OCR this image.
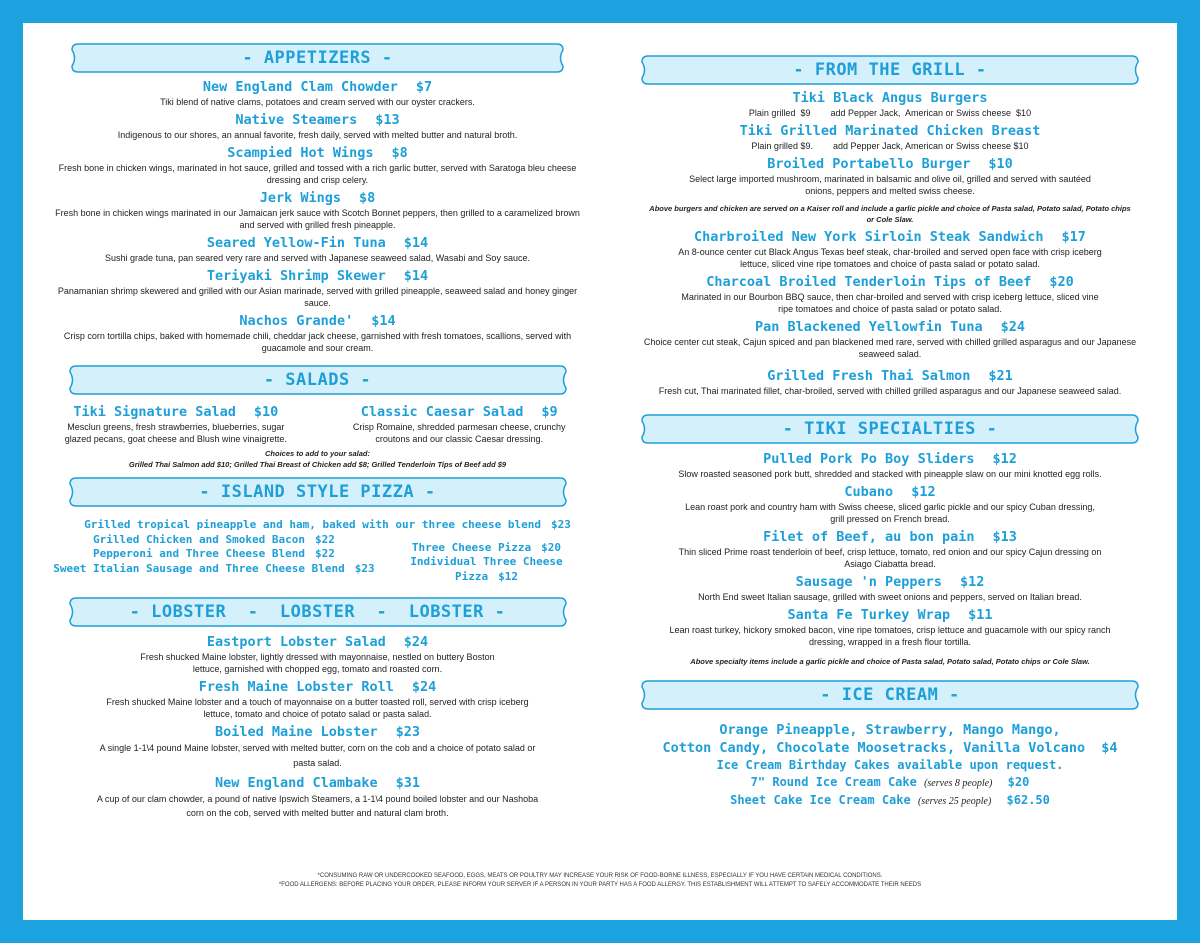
- APPETIZERS -
New England Clam Chowder $7
Tiki blend of native clams, potatoes and cream served with our oyster crackers.
Native Steamers $13
Indigenous to our shores, an annual favorite, fresh daily, served with melted butter and natural broth.
Scampied Hot Wings $8
Fresh bone in chicken wings, marinated in hot sauce, grilled and tossed with a rich garlic butter, served with Saratoga bleu cheese dressing and crisp celery.
Jerk Wings $8
Fresh bone in chicken wings marinated in our Jamaican jerk sauce with Scotch Bonnet peppers, then grilled to a caramelized brown and served with grilled fresh pineapple.
Seared Yellow-Fin Tuna $14
Sushi grade tuna, pan seared very rare and served with Japanese seaweed salad, Wasabi and Soy sauce.
Teriyaki Shrimp Skewer $14
Panamanian shrimp skewered and grilled with our Asian marinade, served with grilled pineapple, seaweed salad and honey ginger sauce.
Nachos Grande' $14
Crisp corn tortilla chips, baked with homemade chili, cheddar jack cheese, garnished with fresh tomatoes, scallions, served with guacamole and sour cream.
- SALADS -
Tiki Signature Salad $10
Mesclun greens, fresh strawberries, blueberries, sugar glazed pecans, goat cheese and Blush wine vinaigrette.
Classic Caesar Salad $9
Crisp Romaine, shredded parmesan cheese, crunchy croutons and our classic Caesar dressing.
Choices to add to your salad:
Grilled Thai Salmon add $10; Grilled Thai Breast of Chicken add $8; Grilled Tenderloin Tips of Beef add $9
- ISLAND STYLE PIZZA -
Grilled tropical pineapple and ham, baked with our three cheese blend $23
Grilled Chicken and Smoked Bacon $22
Pepperoni and Three Cheese Blend $22
Sweet Italian Sausage and Three Cheese Blend $23
Three Cheese Pizza $20
Individual Three Cheese Pizza $12
- LOBSTER  -  LOBSTER  -  LOBSTER -
Eastport Lobster Salad $24
Fresh shucked Maine lobster, lightly dressed with mayonnaise, nestled on buttery Boston lettuce, garnished with chopped egg, tomato and roasted corn.
Fresh Maine Lobster Roll $24
Fresh shucked Maine lobster and a touch of mayonnaise on a butter toasted roll, served with crisp iceberg lettuce, tomato and choice of potato salad or pasta salad.
Boiled Maine Lobster $23
A single 1-1\4 pound Maine lobster, served with melted butter, corn on the cob and a choice of potato salad or pasta salad.
New England Clambake $31
A cup of our clam chowder, a pound of native Ipswich Steamers, a 1-1\4 pound boiled lobster and our Nashoba corn on the cob, served with melted butter and natural clam broth.
- FROM THE GRILL -
Tiki Black Angus Burgers
Plain grilled  $9        add Pepper Jack,  American or Swiss cheese  $10
Tiki Grilled Marinated Chicken Breast
Plain grilled $9.        add Pepper Jack, American or Swiss cheese $10
Broiled Portabello Burger $10
Select large imported mushroom, marinated in balsamic and olive oil, grilled and served with sautéed onions, peppers and melted swiss cheese.
Above burgers and chicken are served on a Kaiser roll and include a garlic pickle and choice of Pasta salad, Potato salad, Potato chips or Cole Slaw.
Charbroiled New York Sirloin Steak Sandwich $17
An 8-ounce center cut Black Angus Texas beef steak, char-broiled and served open face with crisp iceberg lettuce, sliced vine ripe tomatoes and choice of pasta salad or potato salad.
Charcoal Broiled Tenderloin Tips of Beef $20
Marinated in our Bourbon BBQ sauce, then char-broiled and served with crisp iceberg lettuce, sliced vine ripe tomatoes and choice of pasta salad or potato salad.
Pan Blackened Yellowfin Tuna $24
Choice center cut steak, Cajun spiced and pan blackened med rare, served with chilled grilled asparagus and our Japanese seaweed salad.
Grilled Fresh Thai Salmon $21
Fresh cut, Thai marinated fillet, char-broiled, served with chilled grilled asparagus and our Japanese seaweed salad.
- TIKI SPECIALTIES -
Pulled Pork Po Boy Sliders $12
Slow roasted seasoned pork butt, shredded and stacked with pineapple slaw on our mini knotted egg rolls.
Cubano $12
Lean roast pork and country ham with Swiss cheese, sliced garlic pickle and our spicy Cuban dressing, grill pressed on French bread.
Filet of Beef, au bon pain $13
Thin sliced Prime roast tenderloin of beef, crisp lettuce, tomato, red onion and our spicy Cajun dressing on Asiago Ciabatta bread.
Sausage 'n Peppers $12
North End sweet Italian sausage, grilled with sweet onions and peppers, served on Italian bread.
Santa Fe Turkey Wrap $11
Lean roast turkey, hickory smoked bacon, vine ripe tomatoes, crisp lettuce and guacamole with our spicy ranch dressing, wrapped in a fresh flour tortilla.
Above specialty items include a garlic pickle and choice of Pasta salad, Potato salad, Potato chips or Cole Slaw.
- ICE CREAM -
Orange Pineapple, Strawberry, Mango Mango,
Cotton Candy, Chocolate Moosetracks, Vanilla Volcano $4
Ice Cream Birthday Cakes available upon request.
7" Round Ice Cream Cake (serves 8 people) $20
Sheet Cake Ice Cream Cake (serves 25 people) $62.50
*CONSUMING RAW OR UNDERCOOKED SEAFOOD, EGGS, MEATS OR POULTRY MAY INCREASE YOUR RISK OF FOOD-BORNE ILLNESS, ESPECIALLY IF YOU HAVE CERTAIN MEDICAL CONDITIONS.
*FOOD ALLERGENS: BEFORE PLACING YOUR ORDER, PLEASE INFORM YOUR SERVER IF A PERSON IN YOUR PARTY HAS A FOOD ALLERGY. THIS ESTABLISHMENT WILL ATTEMPT TO SAFELY ACCOMMODATE THEIR NEEDS
